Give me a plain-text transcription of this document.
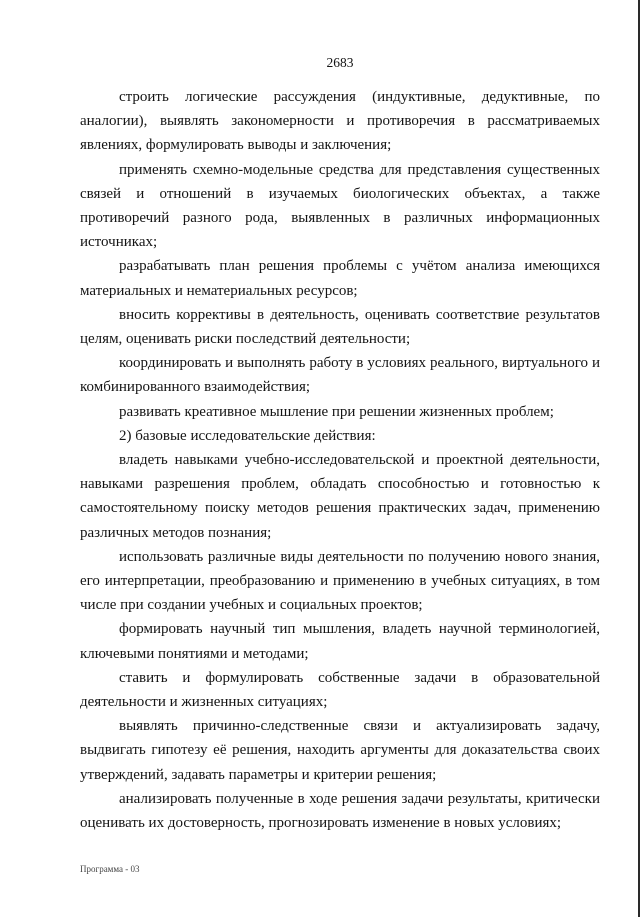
2683

строить логические рассуждения (индуктивные, дедуктивные, по аналогии), выявлять закономерности и противоречия в рассматриваемых явлениях, формулировать выводы и заключения;

применять схемно-модельные средства для представления существенных связей и отношений в изучаемых биологических объектах, а также противоречий разного рода, выявленных в различных информационных источниках;

разрабатывать план решения проблемы с учётом анализа имеющихся материальных и нематериальных ресурсов;

вносить коррективы в деятельность, оценивать соответствие результатов целям, оценивать риски последствий деятельности;

координировать и выполнять работу в условиях реального, виртуального и комбинированного взаимодействия;

развивать креативное мышление при решении жизненных проблем;

2) базовые исследовательские действия:

владеть навыками учебно-исследовательской и проектной деятельности, навыками разрешения проблем, обладать способностью и готовностью к самостоятельному поиску методов решения практических задач, применению различных методов познания;

использовать различные виды деятельности по получению нового знания, его интерпретации, преобразованию и применению в учебных ситуациях, в том числе при создании учебных и социальных проектов;

формировать научный тип мышления, владеть научной терминологией, ключевыми понятиями и методами;

ставить и формулировать собственные задачи в образовательной деятельности и жизненных ситуациях;

выявлять причинно-следственные связи и актуализировать задачу, выдвигать гипотезу её решения, находить аргументы для доказательства своих утверждений, задавать параметры и критерии решения;

анализировать полученные в ходе решения задачи результаты, критически оценивать их достоверность, прогнозировать изменение в новых условиях;

Программа - 03
